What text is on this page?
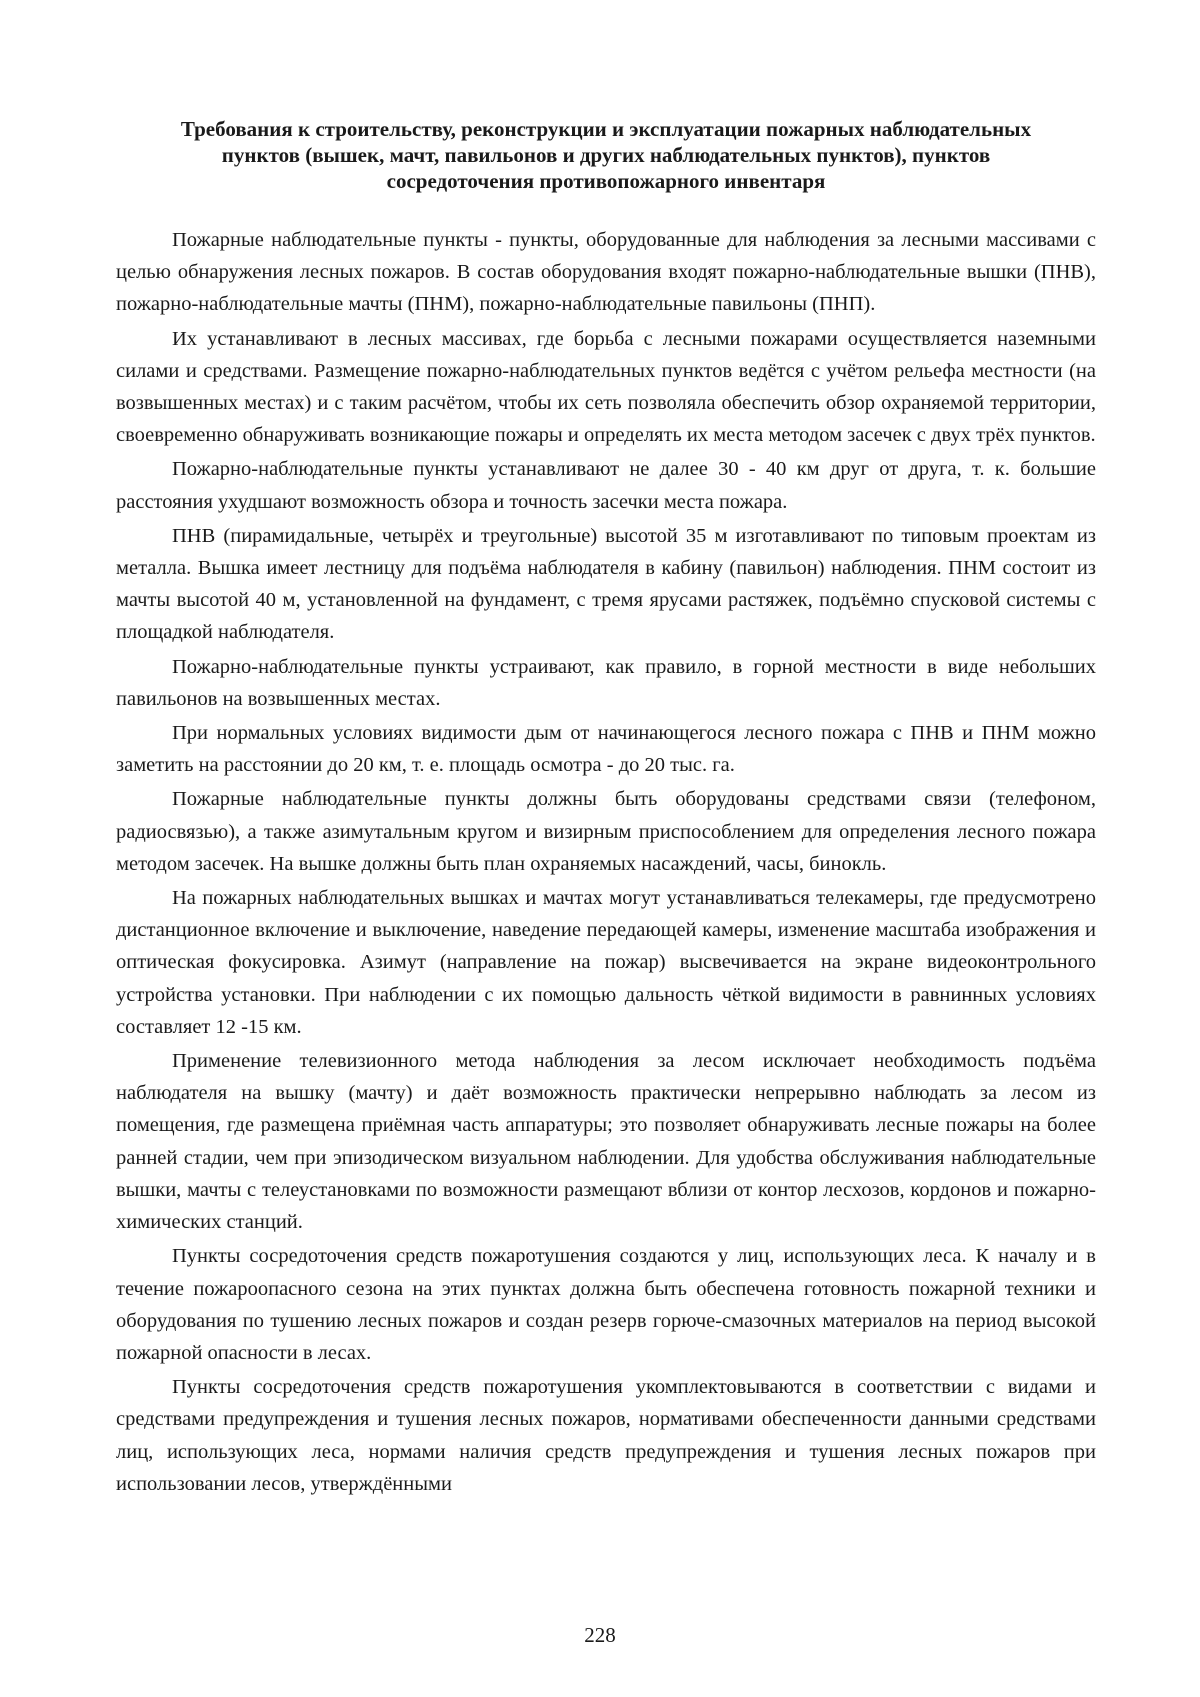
Требования к строительству, реконструкции и эксплуатации пожарных наблюдательных пунктов (вышек, мачт, павильонов и других наблюдательных пунктов), пунктов сосредоточения противопожарного инвентаря

Пожарные наблюдательные пункты - пункты, оборудованные для наблюдения за лесными массивами с целью обнаружения лесных пожаров. В состав оборудования входят пожарно-наблюдательные вышки (ПНВ), пожарно-наблюдательные мачты (ПНМ), пожарно-наблюдательные павильоны (ПНП).

Их устанавливают в лесных массивах, где борьба с лесными пожарами осуществляется наземными силами и средствами. Размещение пожарно-наблюдательных пунктов ведётся с учётом рельефа местности (на возвышенных местах) и с таким расчётом, чтобы их сеть позволяла обеспечить обзор охраняемой территории, своевременно обнаруживать возникающие пожары и определять их места методом засечек с двух трёх пунктов.

Пожарно-наблюдательные пункты устанавливают не далее 30 - 40 км друг от друга, т. к. большие расстояния ухудшают возможность обзора и точность засечки места пожара.

ПНВ (пирамидальные, четырёх и треугольные) высотой 35 м изготавливают по типовым проектам из металла. Вышка имеет лестницу для подъёма наблюдателя в кабину (павильон) наблюдения. ПНМ состоит из мачты высотой 40 м, установленной на фундамент, с тремя ярусами растяжек, подъёмно спусковой системы с площадкой наблюдателя.

Пожарно-наблюдательные пункты устраивают, как правило, в горной местности в виде небольших павильонов на возвышенных местах.

При нормальных условиях видимости дым от начинающегося лесного пожара с ПНВ и ПНМ можно заметить на расстоянии до 20 км, т. е. площадь осмотра - до 20 тыс. га.

Пожарные наблюдательные пункты должны быть оборудованы средствами связи (телефоном, радиосвязью), а также азимутальным кругом и визирным приспособлением для определения лесного пожара методом засечек. На вышке должны быть план охраняемых насаждений, часы, бинокль.

На пожарных наблюдательных вышках и мачтах могут устанавливаться телекамеры, где предусмотрено дистанционное включение и выключение, наведение передающей камеры, изменение масштаба изображения и оптическая фокусировка. Азимут (направление на пожар) высвечивается на экране видеоконтрольного устройства установки. При наблюдении с их помощью дальность чёткой видимости в равнинных условиях составляет 12 -15 км.

Применение телевизионного метода наблюдения за лесом исключает необходимость подъёма наблюдателя на вышку (мачту) и даёт возможность практически непрерывно наблюдать за лесом из помещения, где размещена приёмная часть аппаратуры; это позволяет обнаруживать лесные пожары на более ранней стадии, чем при эпизодическом визуальном наблюдении. Для удобства обслуживания наблюдательные вышки, мачты с телеустановками по возможности размещают вблизи от контор лесхозов, кордонов и пожарно-химических станций.

Пункты сосредоточения средств пожаротушения создаются у лиц, использующих леса. К началу и в течение пожароопасного сезона на этих пунктах должна быть обеспечена готовность пожарной техники и оборудования по тушению лесных пожаров и создан резерв горюче-смазочных материалов на период высокой пожарной опасности в лесах.

Пункты сосредоточения средств пожаротушения укомплектовываются в соответствии с видами и средствами предупреждения и тушения лесных пожаров, нормативами обеспеченности данными средствами лиц, использующих леса, нормами наличия средств предупреждения и тушения лесных пожаров при использовании лесов, утверждёнными

228
